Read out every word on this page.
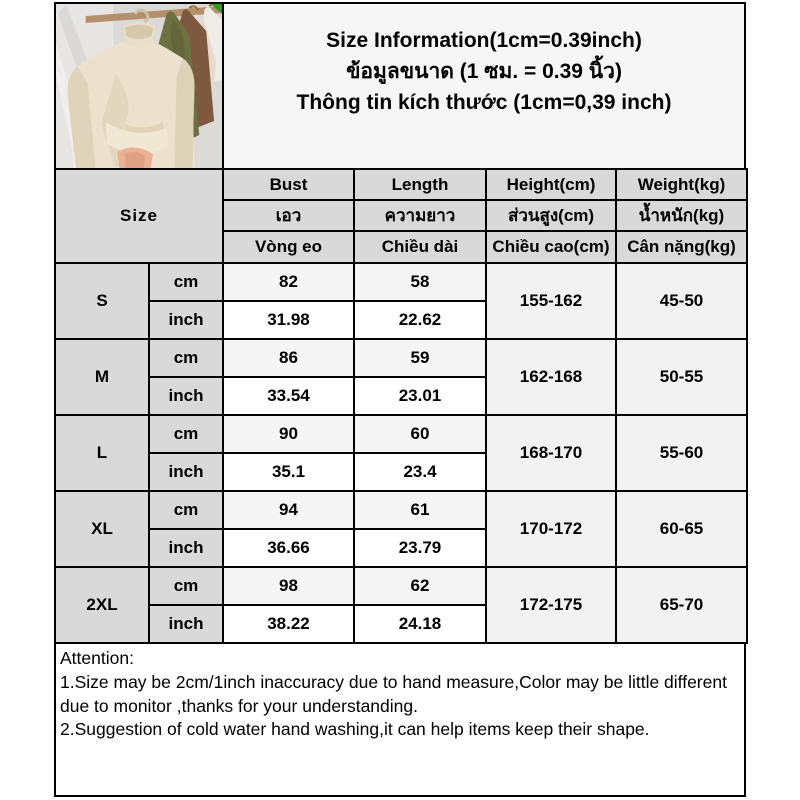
Size Information(1cm=0.39inch)
ข้อมูลขนาด (1 ซม. = 0.39 นิ้ว)
Thông tin kích thước (1cm=0,39 inch)
Size		Bust	Length	Height(cm)	Weight(kg)
		เอว	ความยาว	ส่วนสูง(cm)	น้ำหนัก(kg)
		Vòng eo	Chiều dài	Chiều cao(cm)	Cân nặng(kg)
S	cm	82	58	155-162	45-50
	inch	31.98	22.62		
M	cm	86	59	162-168	50-55
	inch	33.54	23.01		
L	cm	90	60	168-170	55-60
	inch	35.1	23.4		
XL	cm	94	61	170-172	60-65
	inch	36.66	23.79		
2XL	cm	98	62	172-175	65-70
	inch	38.22	24.18		

Attention:

1.Size may be 2cm/1inch inaccuracy due to hand measure,Color may be little different due to monitor ,thanks for your understanding.

2.Suggestion of cold water hand washing,it can help items keep their shape.
